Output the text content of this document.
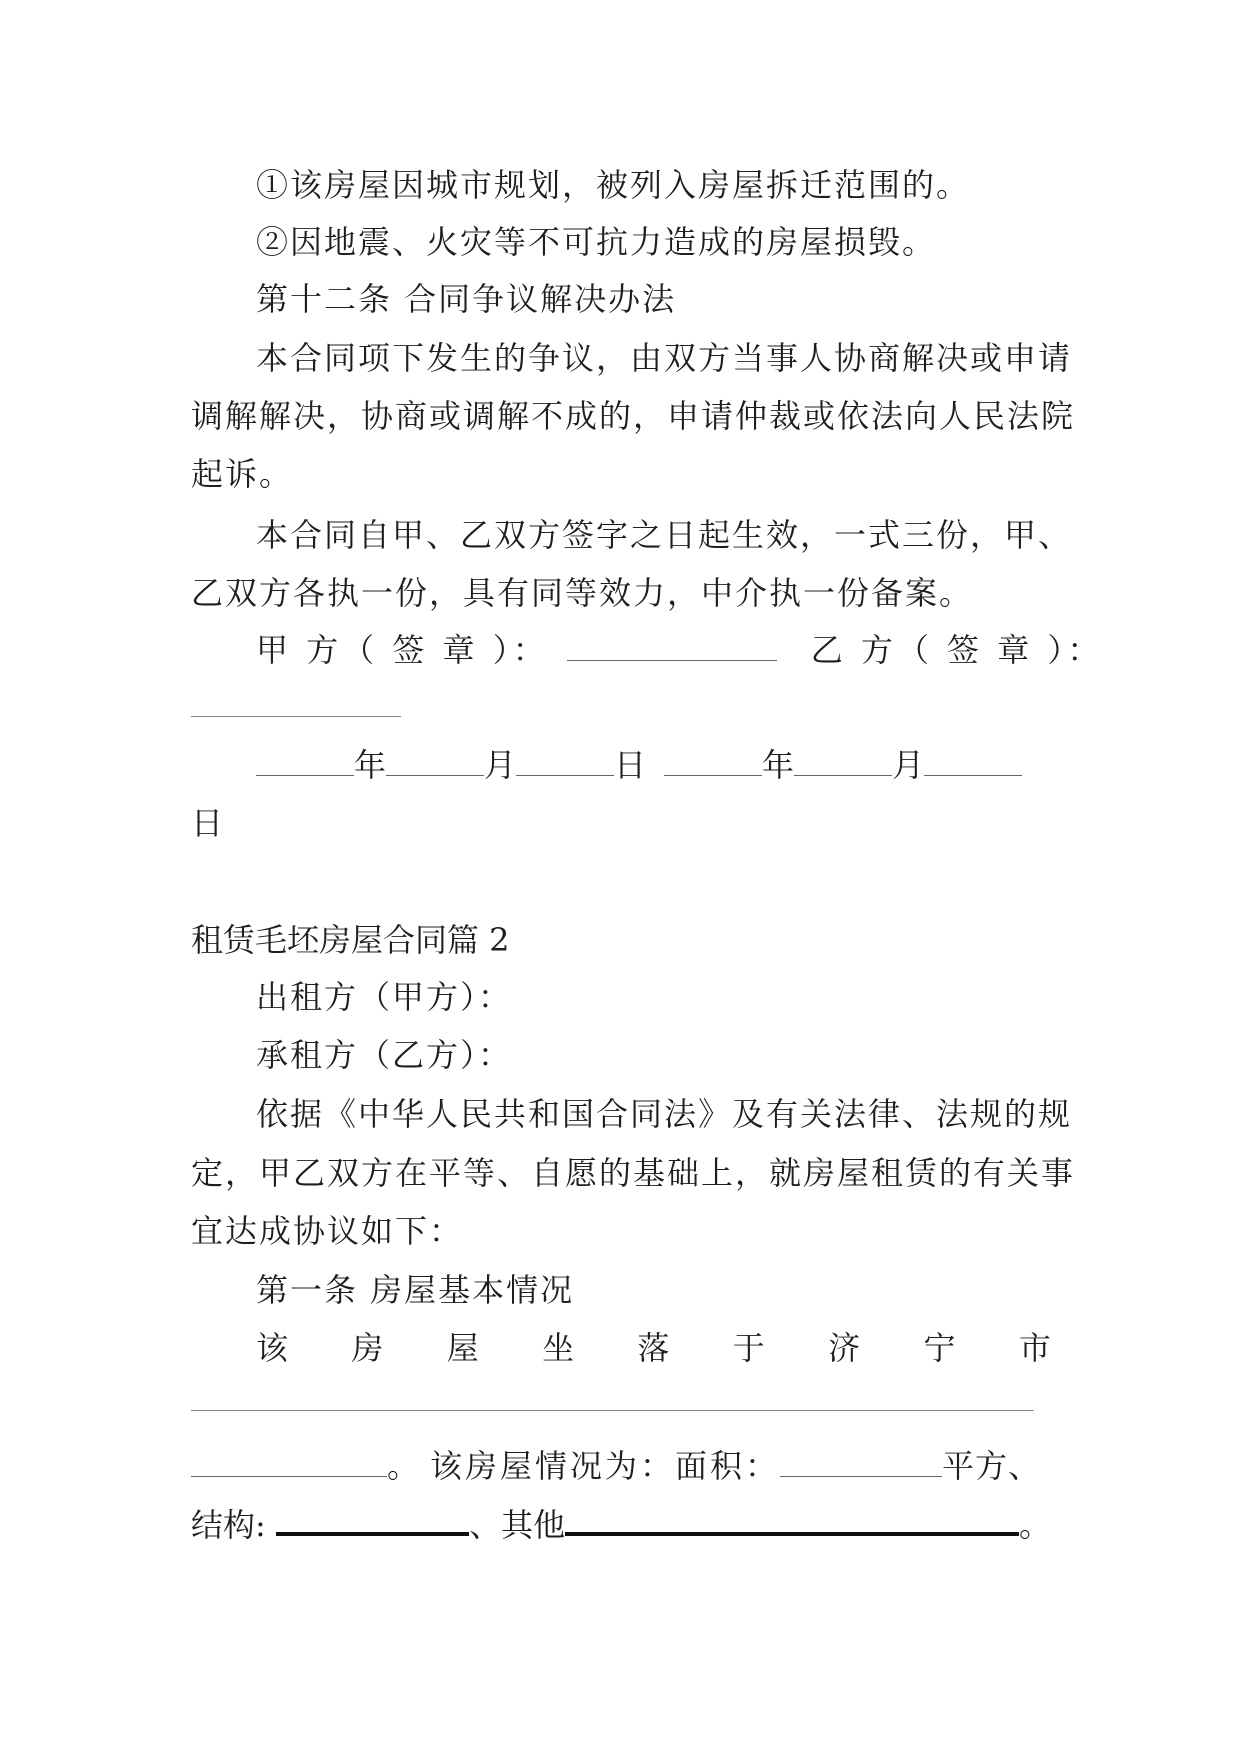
①该房屋因城市规划，被列入房屋拆迁范围的。
②因地震、火灾等不可抗力造成的房屋损毁。
第十二条 合同争议解决办法
本合同项下发生的争议，由双方当事人协商解决或申请
调解解决，协商或调解不成的，申请仲裁或依法向人民法院
起诉。
本合同自甲、乙双方签字之日起生效，一式三份，甲、
乙双方各执一份，具有同等效力，中介执一份备案。
甲 方（ 签 章 ）：	乙 方（ 签 章 ）：
年	月	日	年	月
日
租赁毛坯房屋合同篇 2
出租方（甲方）：
承租方（乙方）：
依据《中华人民共和国合同法》及有关法律、法规的规
定，甲乙双方在平等、自愿的基础上，就房屋租赁的有关事
宜达成协议如下：
第一条 房屋基本情况
该 房 屋 坐 落 于 济 宁 市
。 该房屋情况为：面积：	平方、
结构:	、其他	。
